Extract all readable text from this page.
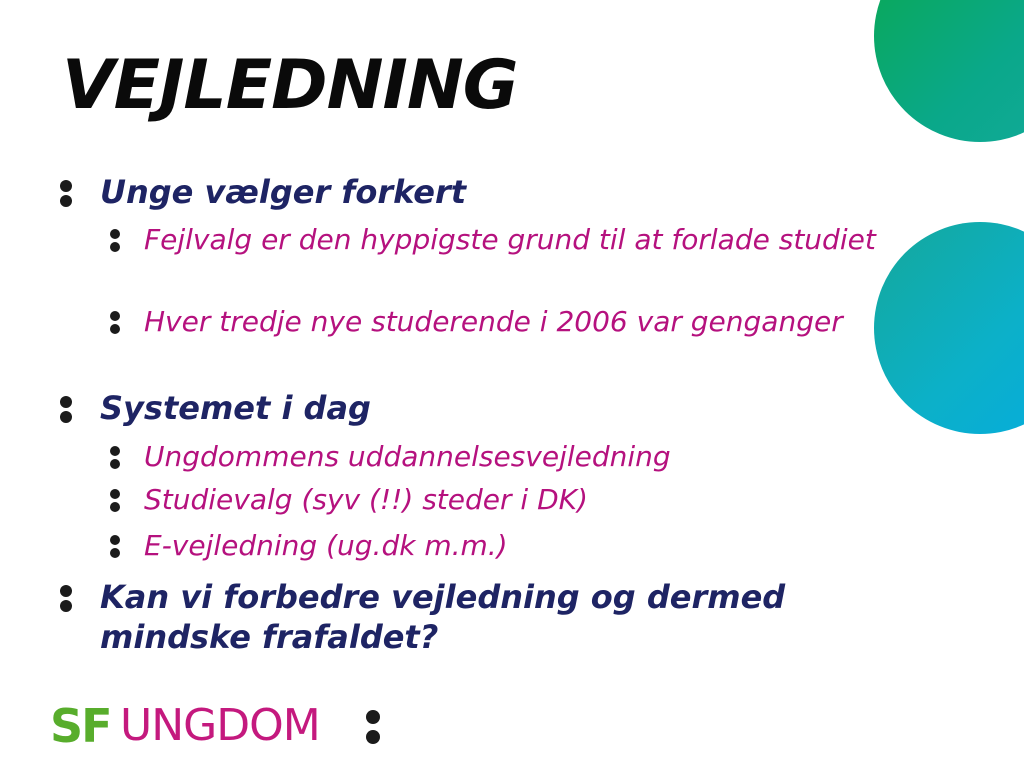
VEJLEDNING
Unge vælger forkert
Fejlvalg er den hyppigste grund til at forlade studiet
Hver tredje nye studerende i 2006 var genganger
Systemet i dag
Ungdommens uddannelsesvejledning
Studievalg (syv (!!) steder i DK)
E-vejledning (ug.dk m.m.)
Kan vi forbedre vejledning og dermed mindske frafaldet?
SF UNGDOM
